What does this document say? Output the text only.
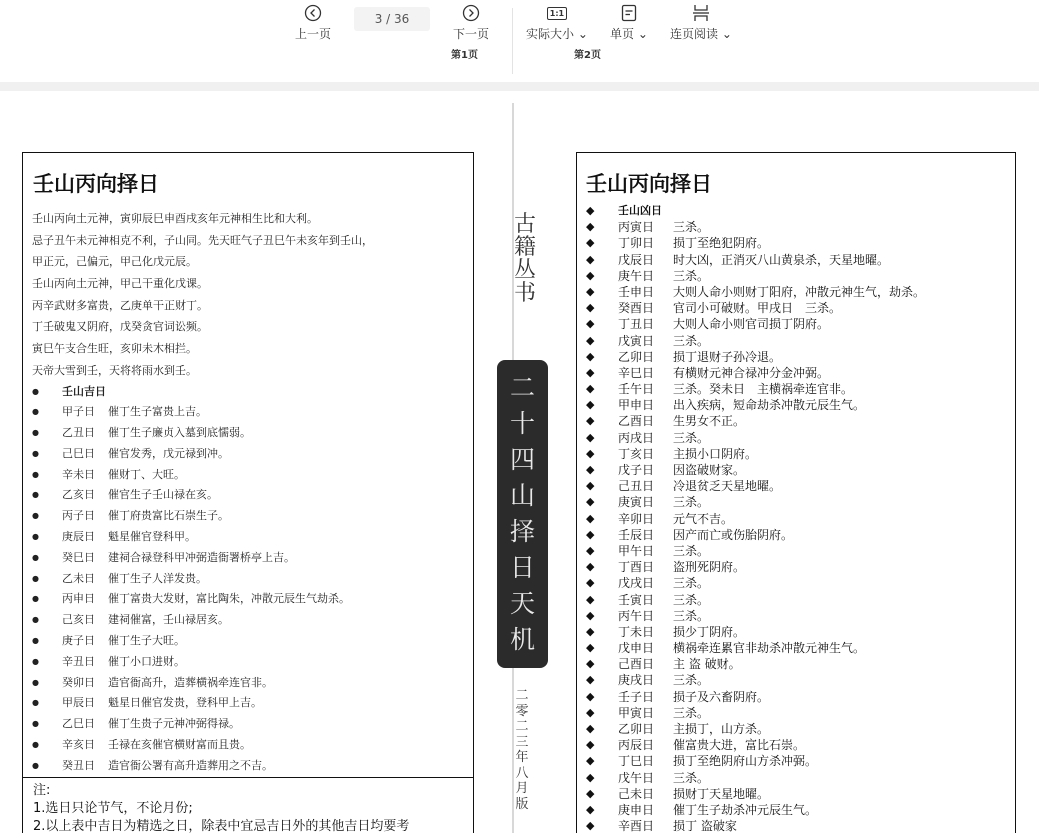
上一页
3 / 36
下一页
1:1
实际大小 ⌄ 单页 ⌄ 连页阅读 ⌄
第1页	第2页
古
籍
丛
书
二
十
四
山
择
日
天
机
二
零
二
三
年
八
月
版
壬山丙向择日
壬山丙向土元神，寅卯辰巳申酉戌亥年元神相生比和大利。
忌子丑午未元神相克不利，子山同。先天旺气子丑巳午未亥年到壬山，
甲正元，己偏元，甲己化戊元辰。
壬山丙向土元神，甲己干重化戊课。
丙辛武财多富贵，乙庚单干正财丁。
丁壬破鬼又阴府，戊癸贪官词讼频。
寅巳午支合生旺，亥卯未木相拦。
天帝大雪到壬，天将将雨水到壬。
●	壬山吉日
●	甲子日	催丁生子富贵上吉。
●	乙丑日	催丁生子廉贞入墓到底懦弱。
●	己巳日	催官发秀，戊元禄到冲。
●	辛未日	催财丁、大旺。
●	乙亥日	催官生子壬山禄在亥。
●	丙子日	催丁府贵富比石崇生子。
●	庚辰日	魁星催官登科甲。
●	癸巳日	建祠合禄登科甲冲弼造衙署桥亭上吉。
●	乙未日	催丁生子人洋发贵。
●	丙申日	催丁富贵大发财，富比陶朱，冲散元辰生气劫杀。
●	己亥日	建祠催富，壬山禄居亥。
●	庚子日	催丁生子大旺。
●	辛丑日	催丁小口进财。
●	癸卯日	造官衙高升，造葬横祸牵连官非。
●	甲辰日	魁星日催官发贵，登科甲上吉。
●	乙巳日	催丁生贵子元神冲弼得禄。
●	辛亥日	壬禄在亥催官横财富而且贵。
●	癸丑日	造官衙公署有高升造葬用之不吉。
注:
1.选日只论节气，不论月份;
2.以上表中吉日为精选之日，除表中宜忌吉日外的其他吉日均要考
壬山丙向择日
◆	壬山凶日
◆	丙寅日	三杀。
◆	丁卯日	损丁至绝犯阴府。
◆	戊辰日	时大凶，正消灭八山黄泉杀，天星地曜。
◆	庚午日	三杀。
◆	壬申日	大则人命小则财丁阳府，冲散元神生气，劫杀。
◆	癸酉日	官司小可破财。甲戌日　三杀。
◆	丁丑日	大则人命小则官司损丁阴府。
◆	戊寅日	三杀。
◆	乙卯日	损丁退财子孙冷退。
◆	辛巳日	有横财元神合禄冲分金冲弼。
◆	壬午日	三杀。癸未日　主横祸牵连官非。
◆	甲申日	出入疾病，短命劫杀冲散元辰生气。
◆	乙酉日	生男女不正。
◆	丙戌日	三杀。
◆	丁亥日	主损小口阴府。
◆	戊子日	因盗破财家。
◆	己丑日	冷退贫乏天星地曜。
◆	庚寅日	三杀。
◆	辛卯日	元气不吉。
◆	壬辰日	因产而亡或伤胎阴府。
◆	甲午日	三杀。
◆	丁酉日	盗刑死阴府。
◆	戊戌日	三杀。
◆	壬寅日	三杀。
◆	丙午日	三杀。
◆	丁未日	损少丁阴府。
◆	戊申日	横祸牵连累官非劫杀冲散元神生气。
◆	己酉日	主 盗 破财。
◆	庚戌日	三杀。
◆	壬子日	损子及六畜阴府。
◆	甲寅日	三杀。
◆	乙卯日	主损丁，山方杀。
◆	丙辰日	催富贵大进，富比石崇。
◆	丁巳日	损丁至绝阴府山方杀冲弼。
◆	戊午日	三杀。
◆	己未日	损财丁天星地曜。
◆	庚申日	催丁生子劫杀冲元辰生气。
◆	辛酉日	损丁 盗破家
